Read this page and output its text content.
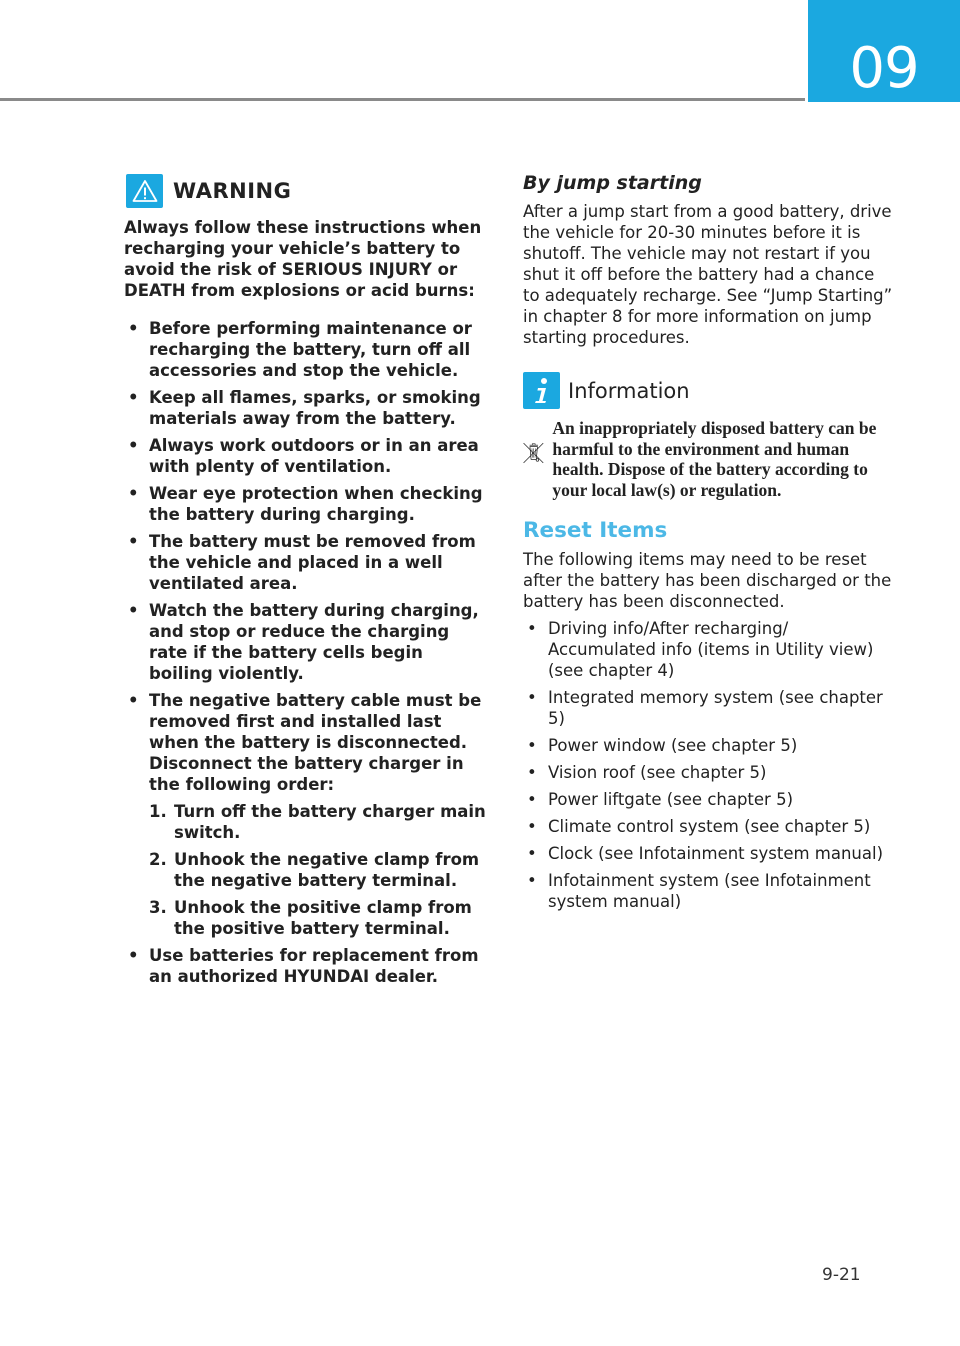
09
WARNING

Always follow these instructions when recharging your vehicle’s battery to avoid the risk of SERIOUS INJURY or DEATH from explosions or acid burns:

• Before performing maintenance or recharging the battery, turn off all accessories and stop the vehicle.
• Keep all flames, sparks, or smoking materials away from the battery.
• Always work outdoors or in an area with plenty of ventilation.
• Wear eye protection when checking the battery during charging.
• The battery must be removed from the vehicle and placed in a well ventilated area.
• Watch the battery during charging, and stop or reduce the charging rate if the battery cells begin boiling violently.
• The negative battery cable must be removed first and installed last when the battery is disconnected. Disconnect the battery charger in the following order:
1. Turn off the battery charger main switch.
2. Unhook the negative clamp from the negative battery terminal.
3. Unhook the positive clamp from the positive battery terminal.
• Use batteries for replacement from an authorized HYUNDAI dealer.
By jump starting

After a jump start from a good battery, drive the vehicle for 20-30 minutes before it is shutoff. The vehicle may not restart if you shut it off before the battery had a chance to adequately recharge. See “Jump Starting” in chapter 8 for more information on jump starting procedures.

Information
An inappropriately disposed battery can be harmful to the environment and human health. Dispose of the battery according to your local law(s) or regulation.
Reset Items

The following items may need to be reset after the battery has been discharged or the battery has been disconnected.

• Driving info/After recharging/ Accumulated info (items in Utility view) (see chapter 4)
• Integrated memory system (see chapter 5)
• Power window (see chapter 5)
• Vision roof (see chapter 5)
• Power liftgate (see chapter 5)
• Climate control system (see chapter 5)
• Clock (see Infotainment system manual)
• Infotainment system (see Infotainment system manual)
9-21
